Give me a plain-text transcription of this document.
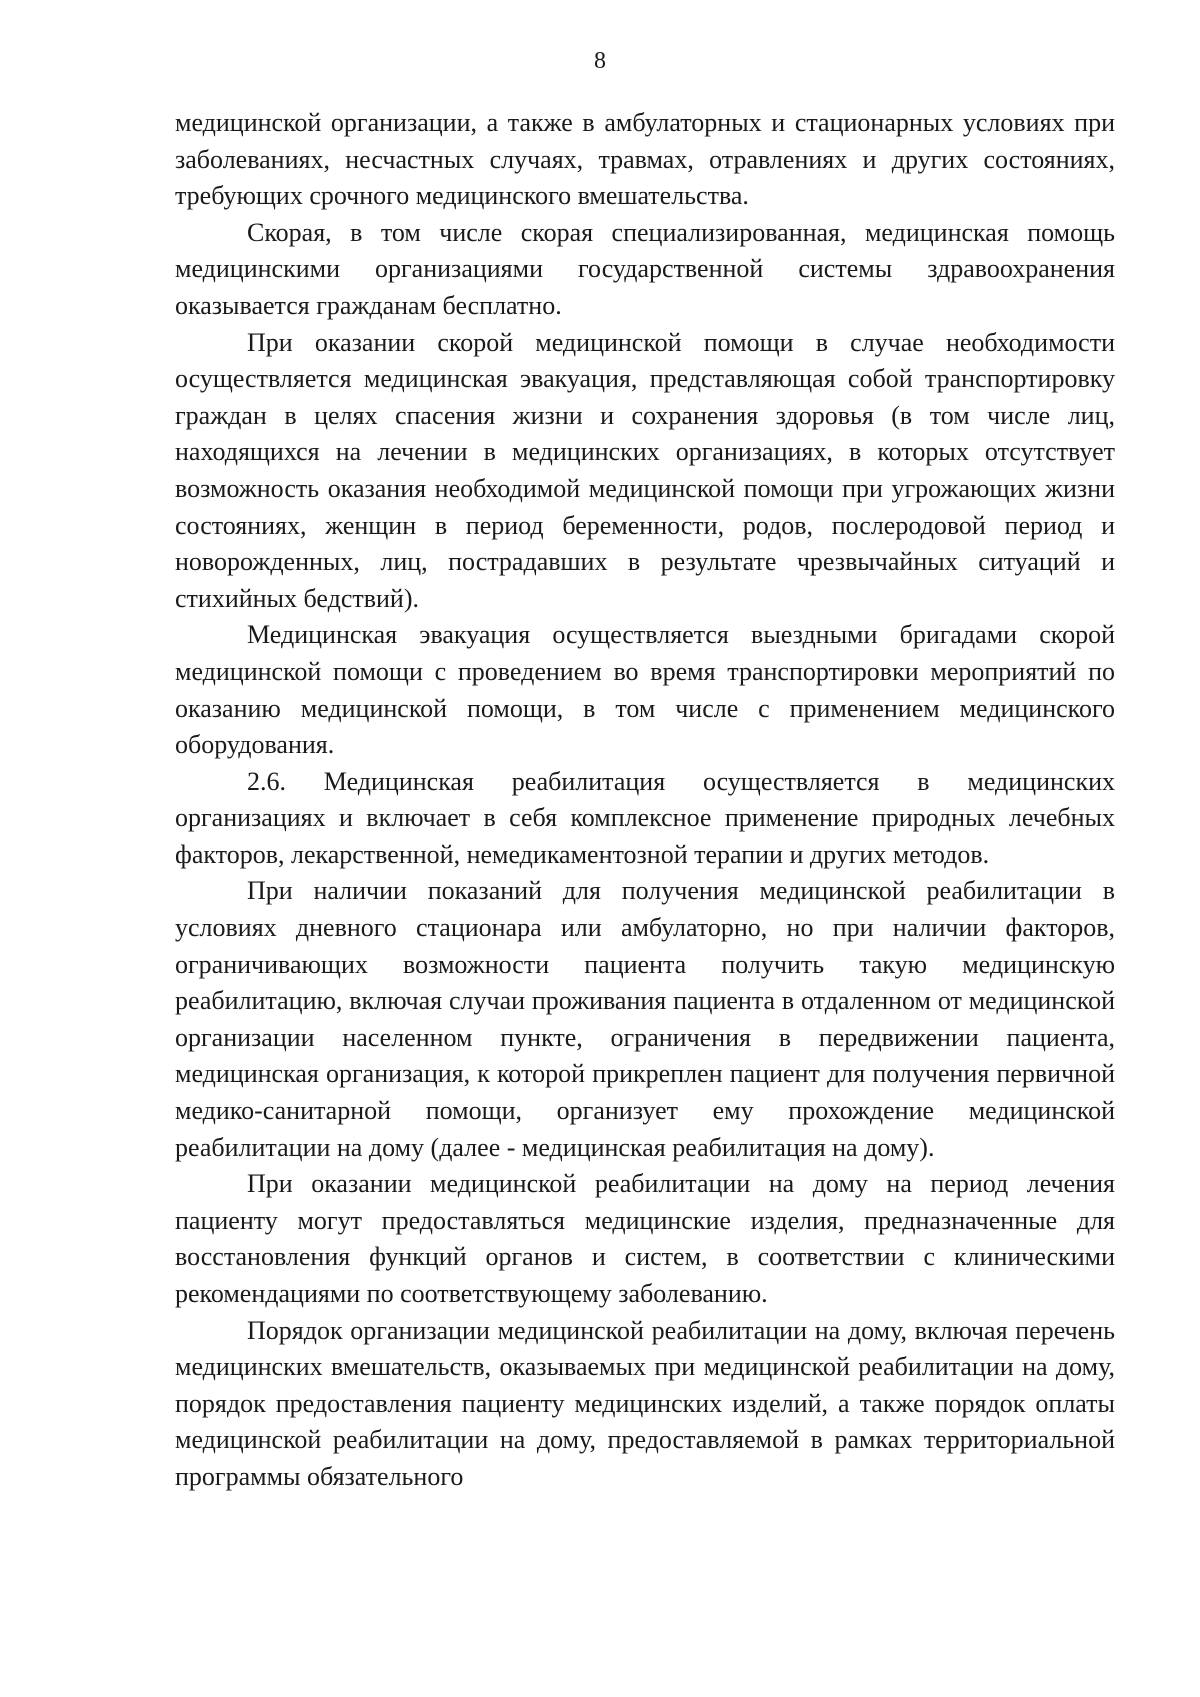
8

медицинской организации, а также в амбулаторных и стационарных условиях при заболеваниях, несчастных случаях, травмах, отравлениях и других состояниях, требующих срочного медицинского вмешательства.

Скорая, в том числе скорая специализированная, медицинская помощь медицинскими организациями государственной системы здравоохранения оказывается гражданам бесплатно.

При оказании скорой медицинской помощи в случае необходимости осуществляется медицинская эвакуация, представляющая собой транспортировку граждан в целях спасения жизни и сохранения здоровья (в том числе лиц, находящихся на лечении в медицинских организациях, в которых отсутствует возможность оказания необходимой медицинской помощи при угрожающих жизни состояниях, женщин в период беременности, родов, послеродовой период и новорожденных, лиц, пострадавших в результате чрезвычайных ситуаций и стихийных бедствий).

Медицинская эвакуация осуществляется выездными бригадами скорой медицинской помощи с проведением во время транспортировки мероприятий по оказанию медицинской помощи, в том числе с применением медицинского оборудования.

2.6. Медицинская реабилитация осуществляется в медицинских организациях и включает в себя комплексное применение природных лечебных факторов, лекарственной, немедикаментозной терапии и других методов.

При наличии показаний для получения медицинской реабилитации в условиях дневного стационара или амбулаторно, но при наличии факторов, ограничивающих возможности пациента получить такую медицинскую реабилитацию, включая случаи проживания пациента в отдаленном от медицинской организации населенном пункте, ограничения в передвижении пациента, медицинская организация, к которой прикреплен пациент для получения первичной медико-санитарной помощи, организует ему прохождение медицинской реабилитации на дому (далее - медицинская реабилитация на дому).

При оказании медицинской реабилитации на дому на период лечения пациенту могут предоставляться медицинские изделия, предназначенные для восстановления функций органов и систем, в соответствии с клиническими рекомендациями по соответствующему заболеванию.

Порядок организации медицинской реабилитации на дому, включая перечень медицинских вмешательств, оказываемых при медицинской реабилитации на дому, порядок предоставления пациенту медицинских изделий, а также порядок оплаты медицинской реабилитации на дому, предоставляемой в рамках территориальной программы обязательного
